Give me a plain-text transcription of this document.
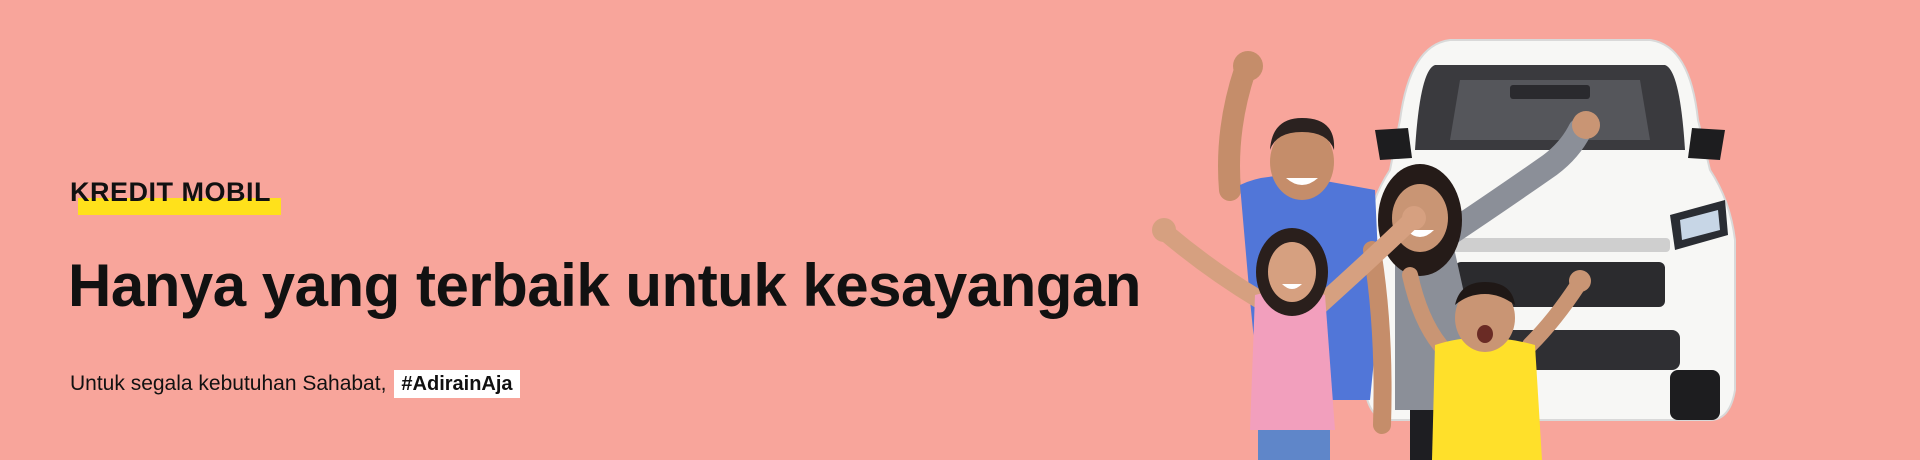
KREDIT MOBIL
Hanya yang terbaik untuk kesayangan
Untuk segala kebutuhan Sahabat, #AdirainAja
